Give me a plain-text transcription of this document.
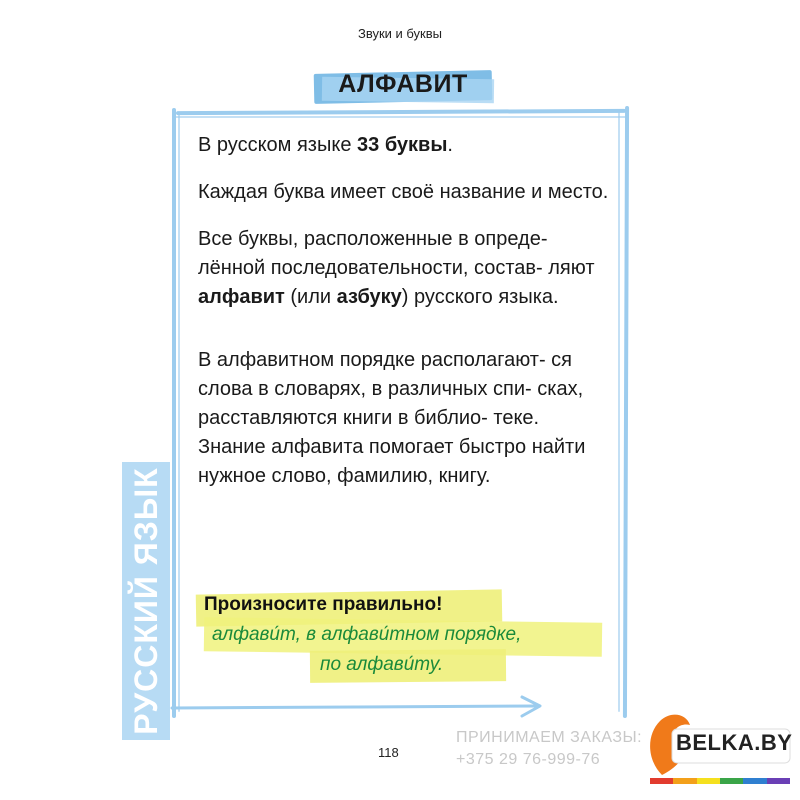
Звуки и буквы
АЛФАВИТ

В русском языке 33 буквы.

Каждая буква имеет своё название и место.

Все буквы, расположенные в опреде- лённой последовательности, состав- ляют алфавит (или азбуку) русского языка.

В алфавитном порядке располагают- ся слова в словарях, в различных спи- сках, расставляются книги в библио- теке.

Знание алфавита помогает быстро найти нужное слово, фамилию, книгу.

Произносите правильно!
алфави́т, в алфави́тном порядке,
по алфави́ту.
РУССКИЙ ЯЗЫК
118
ПРИНИМАЕМ ЗАКАЗЫ:
+375 29 76-999-76
BELKA.BY
